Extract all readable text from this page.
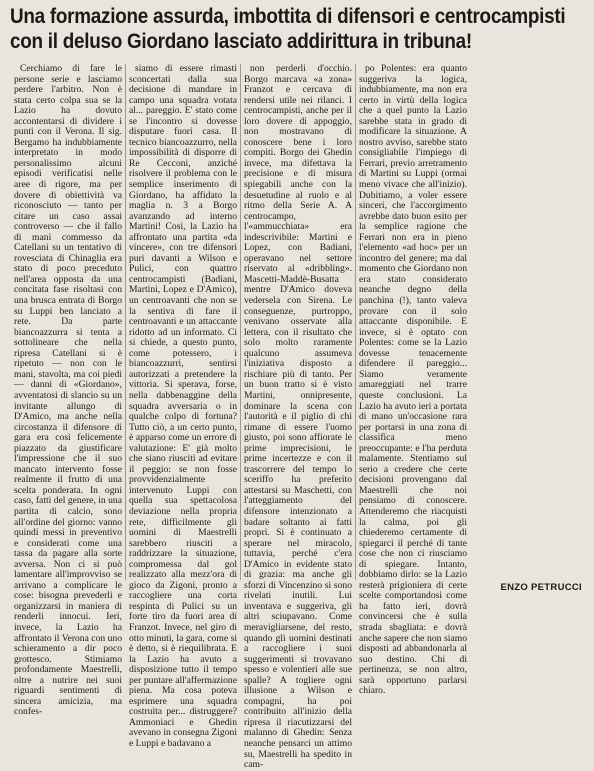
Una formazione assurda, imbottita di difensori e centrocampisti
con il deluso Giordano lasciato addirittura in tribuna!

Cerchiamo di fare le persone serie e lasciamo perdere l'arbitro. Non è stata certo colpa sua se la Lazio ha dovuto accontentarsi di dividere i punti con il Verona. Il sig. Bergamo ha indubbiamente interpretato in modo personalissimo alcuni episodi verificatisi nelle aree di rigore, ma per dovere di obiettività va riconosciuto — tanto per citare un caso assai controverso — che il fallo di mani commesso da Catellani su un tentativo di rovesciata di Chinaglia era stato di poco preceduto nell'area opposta da una concitata fase risoltasi con una brusca entrata di Borgo su Luppi ben lanciato a rete. Da parte biancoazzurra si tenta a sottolineare che nella ripresa Catellani si è ripetuto — non con le mani, stavolta, ma coi piedi — danni di «Giordano», avventatosi di slancio su un invitante allungo di D'Amico, ma anche nella circostanza il difensore di gara era così felicemente piazzato da giustificare l'impressione che il suo mancato intervento fosse realmente il frutto di una scelta ponderata. In ogni caso, fatti del genere, in una partita di calcio, sono all'ordine del giorno: vanno quindi messi in preventivo e considerati come una tassa da pagare alla sorte avversa. Non ci si può lamentare all'improvviso se arrivano a complicare le cose: bisogna prevederli e organizzarsi in maniera di renderli innocui. Ieri, invece, la Lazio ha affrontato il Verona con uno schieramento a dir poco grottesco. Stimiamo profondamente Maestrelli, oltre a nutrire nei suoi riguardi sentimenti di sincera amicizia, ma confes-

siamo di essere rimasti sconcertati dalla sua decisione di mandare in campo una squadra votata al... pareggio. E' stato come se l'incontro si dovesse disputare fuori casa. Il tecnico biancoazzurro, nella impossibilità di disporre di Re Cecconi, anziché risolvere il problema con le semplice inserimento di Giordano, ha affidato la maglia n. 3 a Borgo avanzando ad interno Martini! Così, la Lazio ha affrontato una partita «da vincere», con tre difensori puri davanti a Wilson e Pulici, con quattro centrocampisti (Badiani, Martini, Lopez e D'Amico), un centroavanti che non se la sentiva di fare il centroavanti e un attaccante ridotto ad un informato. Ci si chiede, a questo punto, come potessero, i biancoazzurri, sentirsi autorizzati a pretendere la vittoria. Si sperava, forse, nella dabbenaggine della squadra avversaria o in qualche colpo di fortuna? Tutto ciò, a un certo punto, è apparso come un errore di valutazione: E' già molto che siano riusciti ad evitare il peggio: se non fosse provvidenzialmente intervenuto Luppi con quella sua spettacolosa deviazione nella propria rete, difficilmente gli uomini di Maestrelli sarebbero riusciti a raddrizzare la situazione, compromessa dal gol realizzato alla mezz'ora di gioco da Zigoni, pronto a raccogliere una corta respinta di Pulici su un forte tiro da fuori area di Franzot. Invece, nel giro di otto minuti, la gara, come si è detto, si è riequilibrata. E la Lazio ha avuto a disposizione tutto il tempo per puntare all'affermazione piena. Ma cosa poteva esprimere una squadra costruita per... distruggere? Ammoniaci e Ghedin avevano in consegna Zigoni e Luppi e badavano a

non perderli d'occhio. Borgo marcava «a zona» Franzot e cercava di rendersi utile nei rilanci. I centrocampisti, anche per il loro dovere di appoggio, non mostravano di conoscere bene i loro compiti. Borgo dei Ghedin invece, ma difettava la precisione e di misura spiegabili anche con la desuetudine al ruolo e al ritmo della Serie A. A centrocampo, l'«ammucchiata» era indescrivibile: Martini e Lopez, con Badiani, operavano nel settore riservato al «dribbling». Mascetti-Maddè-Busatta mentre D'Amico doveva vedersela con Sirena. Le conseguenze, purtroppo, venivano osservate alla lettera, con il risultato che solo molto raramente qualcuno assumeva l'iniziativa disposto a rischiare più di tanto. Per un buon tratto si è visto Martini, onnipresente, dominare la scena con l'autorità e il piglio di chi rimane di essere l'uomo giusto, poi sono affiorate le prime imprecisioni, le prime incertezze e con il trascorrere del tempo lo sceriffo ha preferito attestarsi su Maschetti, con l'atteggiamento del difensore intenzionato a badare soltanto ai fatti propri. Si è continuato a sperare nel miracolo, tuttavia, perché c'era D'Amico in evidente stato di grazia: ma anche gli sforzi di Vincenzino si sono rivelati inutili. Lui inventava e suggeriva, gli altri sciupavano. Come meravigliarsene, del resto, quando gli uomini destinati a raccogliere i suoi suggerimenti si trovavano spesso e volentieri alle sue spalle? A togliere ogni illusione a Wilson e compagni, ha poi contribuito all'inizio della ripresa il riacutizzarsi del malanno di Ghedin: Senza neanche pensarci un attimo su, Maestrelli ha spedito in cam-

po Polentes: era quanto suggeriva la logica, indubbiamente, ma non era certo in virtù della logica che a quel punto la Lazio sarebbe stata in grado di modificare la situazione. A nostro avviso, sarebbe stato consigliabile l'impiego di Ferrari, previo arretramento di Martini su Luppi (ormai meno vivace che all'inizio). Dubitiamo, a voler essere sinceri, che l'accorgimento avrebbe dato buon esito per la semplice ragione che Ferrari non era in pieno l'elemento «ad hoc» per un incontro del genere; ma dal momento che Giordano non era stato considerato neanche degno della panchina (!), tanto valeva provare con il solo attaccante disponibile. E invece, si è optato con Polentes: come se la Lazio dovesse tenacemente difendere il pareggio... Siamo veramente amareggiati nel trarre queste conclusioni. La Lazio ha avuto ieri a portata di mano un'occasione rara per portarsi in una zona di classifica meno preoccupante: e l'ha perduta malamente. Stentiamo sul serio a credere che certe decisioni provengano dal Maestrelli che noi pensiamo di conoscere. Attenderemo che riacquisti la calma, poi gli chiederemo certamente di spiegarci il perché di tante cose che non ci riusciamo di spiegare. Intanto, dobbiamo dirlo: se la Lazio resterà prigioniera di certe scelte comportandosi come ha fatto ieri, dovrà convincersi che è sulla strada sbagliata: e dovrà anche sapere che non siamo disposti ad abbandonarla al suo destino. Chi di pertinenza, se non altro, sarà opportuno parlarsi chiaro.

ENZO PETRUCCI
